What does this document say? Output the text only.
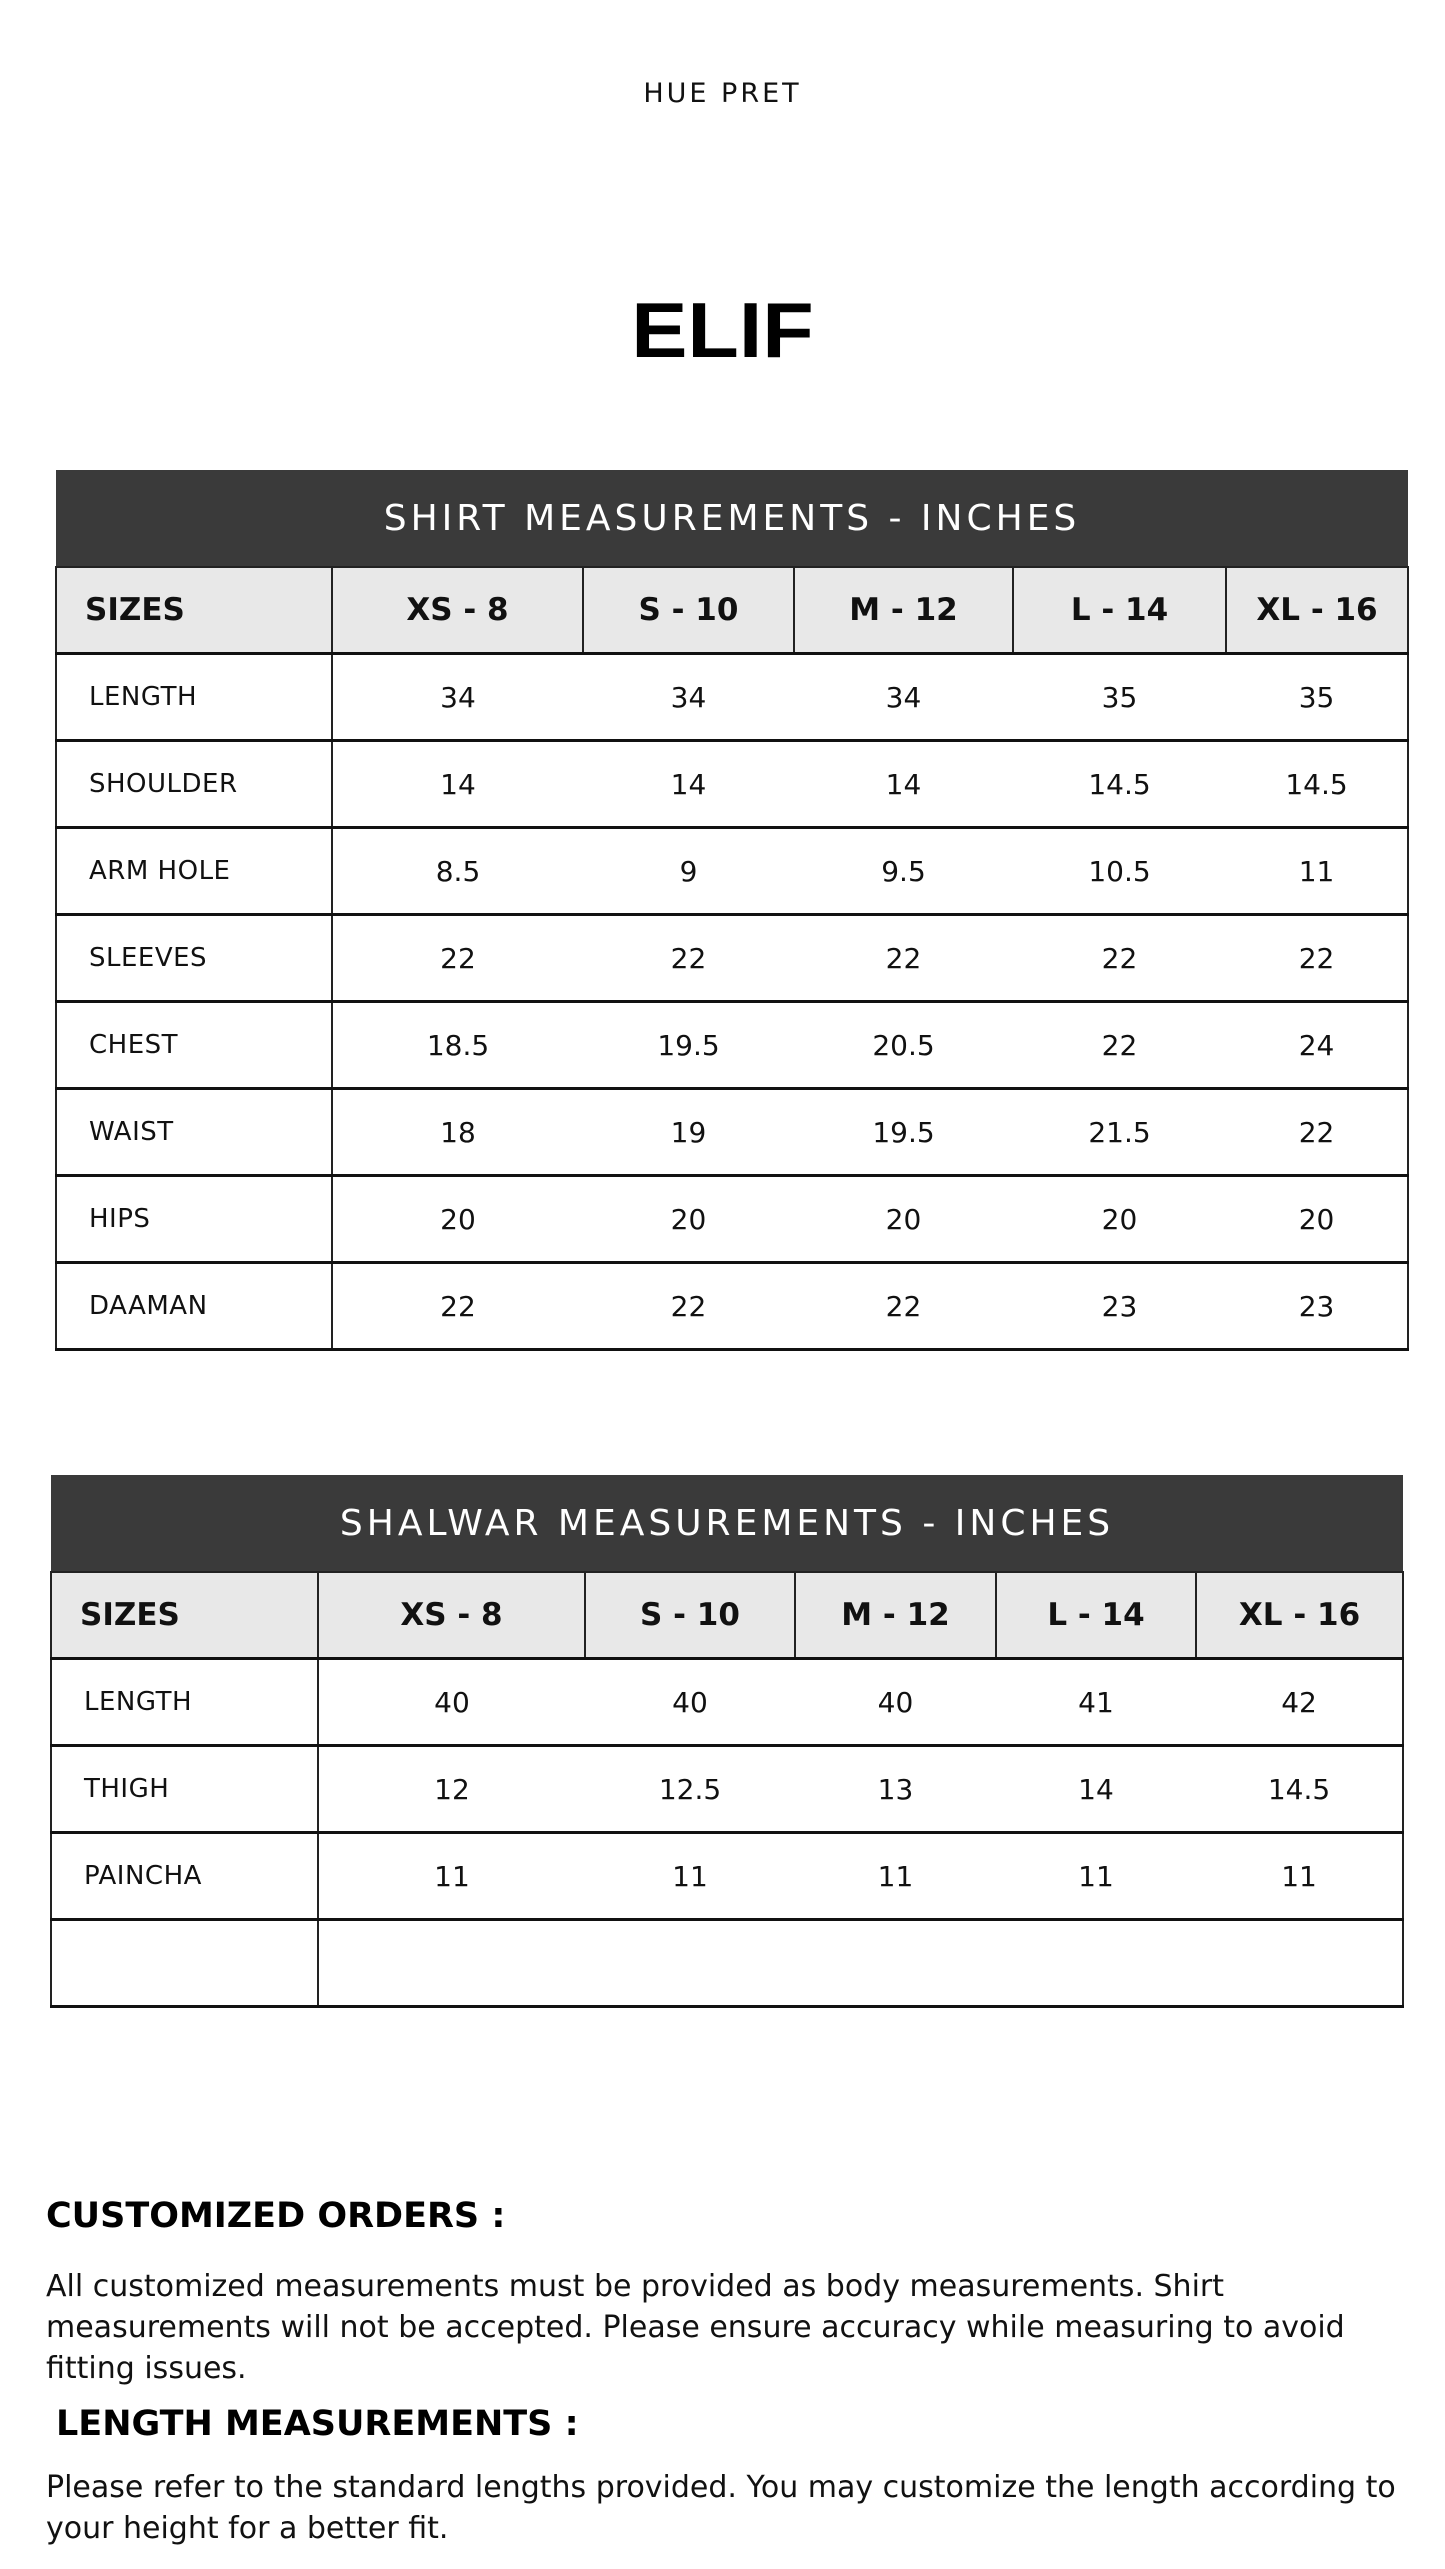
HUE PRET
ELIF
SHIRT MEASUREMENTS - INCHES					
SIZES	XS - 8	S - 10	M - 12	L - 14	XL - 16
LENGTH	34	34	34	35	35
SHOULDER	14	14	14	14.5	14.5
ARM HOLE	8.5	9	9.5	10.5	11
SLEEVES	22	22	22	22	22
CHEST	18.5	19.5	20.5	22	24
WAIST	18	19	19.5	21.5	22
HIPS	20	20	20	20	20
DAAMAN	22	22	22	23	23
SHALWAR MEASUREMENTS - INCHES					
SIZES	XS - 8	S - 10	M - 12	L - 14	XL - 16
LENGTH	40	40	40	41	42
THIGH	12	12.5	13	14	14.5
PAINCHA	11	11	11	11	11

CUSTOMIZED ORDERS :

All customized measurements must be provided as body measurements. Shirt measurements will not be accepted. Please ensure accuracy while measuring to avoid fitting issues.

LENGTH MEASUREMENTS :

Please refer to the standard lengths provided. You may customize the length according to your height for a better fit.
